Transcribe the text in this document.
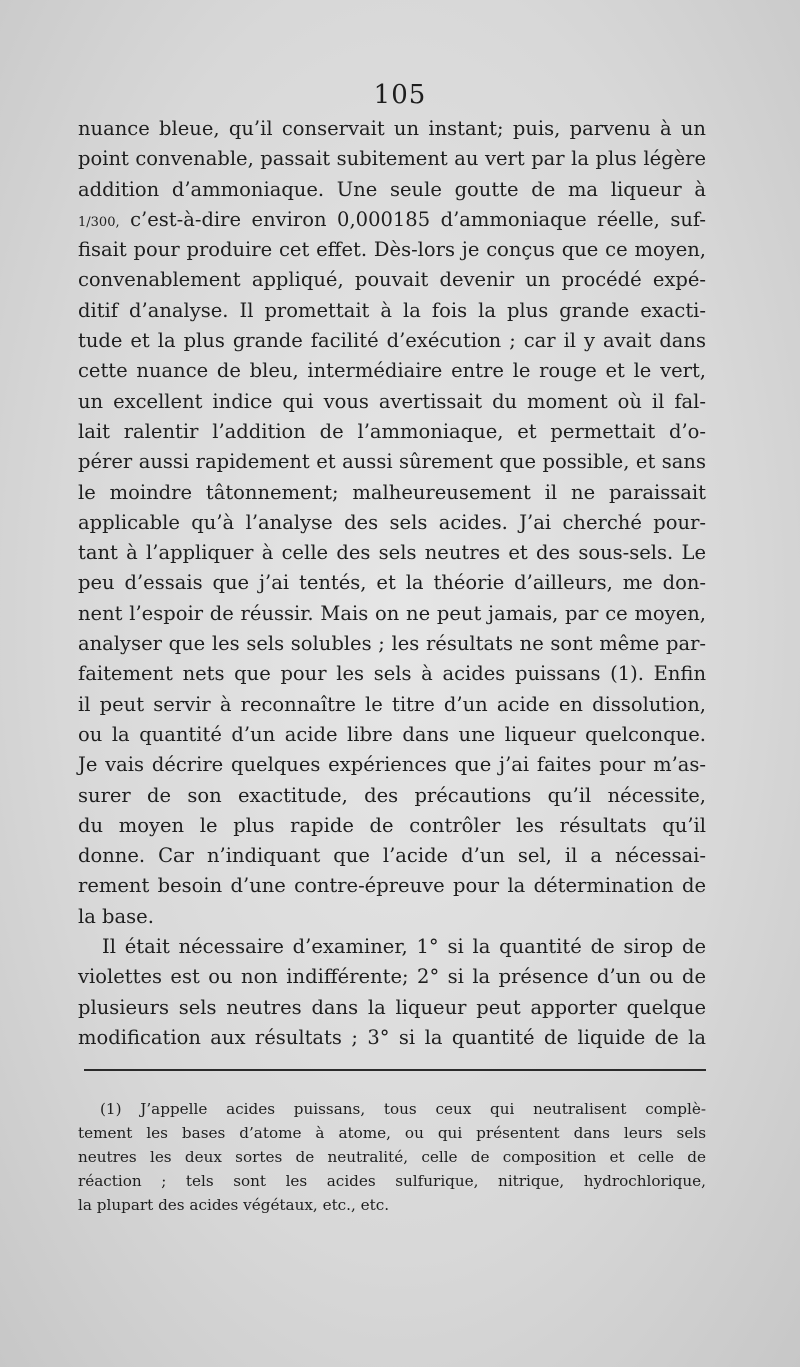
105
nuance bleue, qu’il conservait un instant; puis, parvenu à un
point convenable, passait subitement au vert par la plus légère
addition d’ammoniaque. Une seule goutte de ma liqueur à
1/300, c’est-à-dire environ 0,000185 d’ammoniaque réelle, suf-
fisait pour produire cet effet. Dès-lors je conçus que ce moyen,
convenablement appliqué, pouvait devenir un procédé expé-
ditif d’analyse. Il promettait à la fois la plus grande exacti-
tude et la plus grande facilité d’exécution ; car il y avait dans
cette nuance de bleu, intermédiaire entre le rouge et le vert,
un excellent indice qui vous avertissait du moment où il fal-
lait ralentir l’addition de l’ammoniaque, et permettait d’o-
pérer aussi rapidement et aussi sûrement que possible, et sans
le moindre tâtonnement; malheureusement il ne paraissait
applicable qu’à l’analyse des sels acides. J’ai cherché pour-
tant à l’appliquer à celle des sels neutres et des sous-sels. Le
peu d’essais que j’ai tentés, et la théorie d’ailleurs, me don-
nent l’espoir de réussir. Mais on ne peut jamais, par ce moyen,
analyser que les sels solubles ; les résultats ne sont même par-
faitement nets que pour les sels à acides puissans (1). Enfin
il peut servir à reconnaître le titre d’un acide en dissolution,
ou la quantité d’un acide libre dans une liqueur quelconque.
Je vais décrire quelques expériences que j’ai faites pour m’as-
surer de son exactitude, des précautions qu’il nécessite,
du moyen le plus rapide de contrôler les résultats qu’il
donne. Car n’indiquant que l’acide d’un sel, il a nécessai-
rement besoin d’une contre-épreuve pour la détermination de
la base.
Il était nécessaire d’examiner, 1° si la quantité de sirop de
violettes est ou non indifférente; 2° si la présence d’un ou de
plusieurs sels neutres dans la liqueur peut apporter quelque
modification aux résultats ; 3° si la quantité de liquide de la
(1) J’appelle acides puissans, tous ceux qui neutralisent complè-
tement les bases d’atome à atome, ou qui présentent dans leurs sels
neutres les deux sortes de neutralité, celle de composition et celle de
réaction ; tels sont les acides sulfurique, nitrique, hydrochlorique,
la plupart des acides végétaux, etc., etc.
